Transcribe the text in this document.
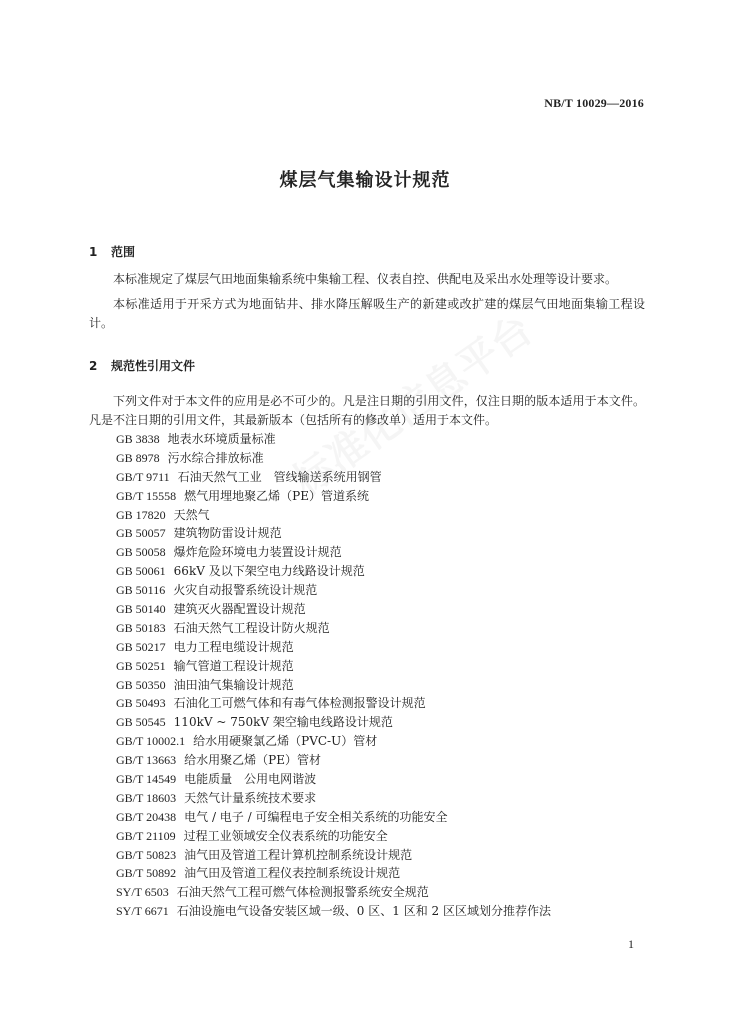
NB/T 10029—2016
煤层气集输设计规范
1 范围
本标准规定了煤层气田地面集输系统中集输工程、仪表自控、供配电及采出水处理等设计要求。
本标准适用于开采方式为地面钻井、排水降压解吸生产的新建或改扩建的煤层气田地面集输工程设计。
2 规范性引用文件
下列文件对于本文件的应用是必不可少的。凡是注日期的引用文件，仅注日期的版本适用于本文件。凡是不注日期的引用文件，其最新版本（包括所有的修改单）适用于本文件。
GB 3838 地表水环境质量标准
GB 8978 污水综合排放标准
GB/T 9711 石油天然气工业　管线输送系统用钢管
GB/T 15558 燃气用埋地聚乙烯（PE）管道系统
GB 17820 天然气
GB 50057 建筑物防雷设计规范
GB 50058 爆炸危险环境电力装置设计规范
GB 50061 66kV 及以下架空电力线路设计规范
GB 50116 火灾自动报警系统设计规范
GB 50140 建筑灭火器配置设计规范
GB 50183 石油天然气工程设计防火规范
GB 50217 电力工程电缆设计规范
GB 50251 输气管道工程设计规范
GB 50350 油田油气集输设计规范
GB 50493 石油化工可燃气体和有毒气体检测报警设计规范
GB 50545 110kV ~ 750kV 架空输电线路设计规范
GB/T 10002.1 给水用硬聚氯乙烯（PVC-U）管材
GB/T 13663 给水用聚乙烯（PE）管材
GB/T 14549 电能质量　公用电网谐波
GB/T 18603 天然气计量系统技术要求
GB/T 20438 电气 / 电子 / 可编程电子安全相关系统的功能安全
GB/T 21109 过程工业领域安全仪表系统的功能安全
GB/T 50823 油气田及管道工程计算机控制系统设计规范
GB/T 50892 油气田及管道工程仪表控制系统设计规范
SY/T 6503 石油天然气工程可燃气体检测报警系统安全规范
SY/T 6671 石油设施电气设备安装区域一级、0 区、1 区和 2 区区域划分推荐作法
1
